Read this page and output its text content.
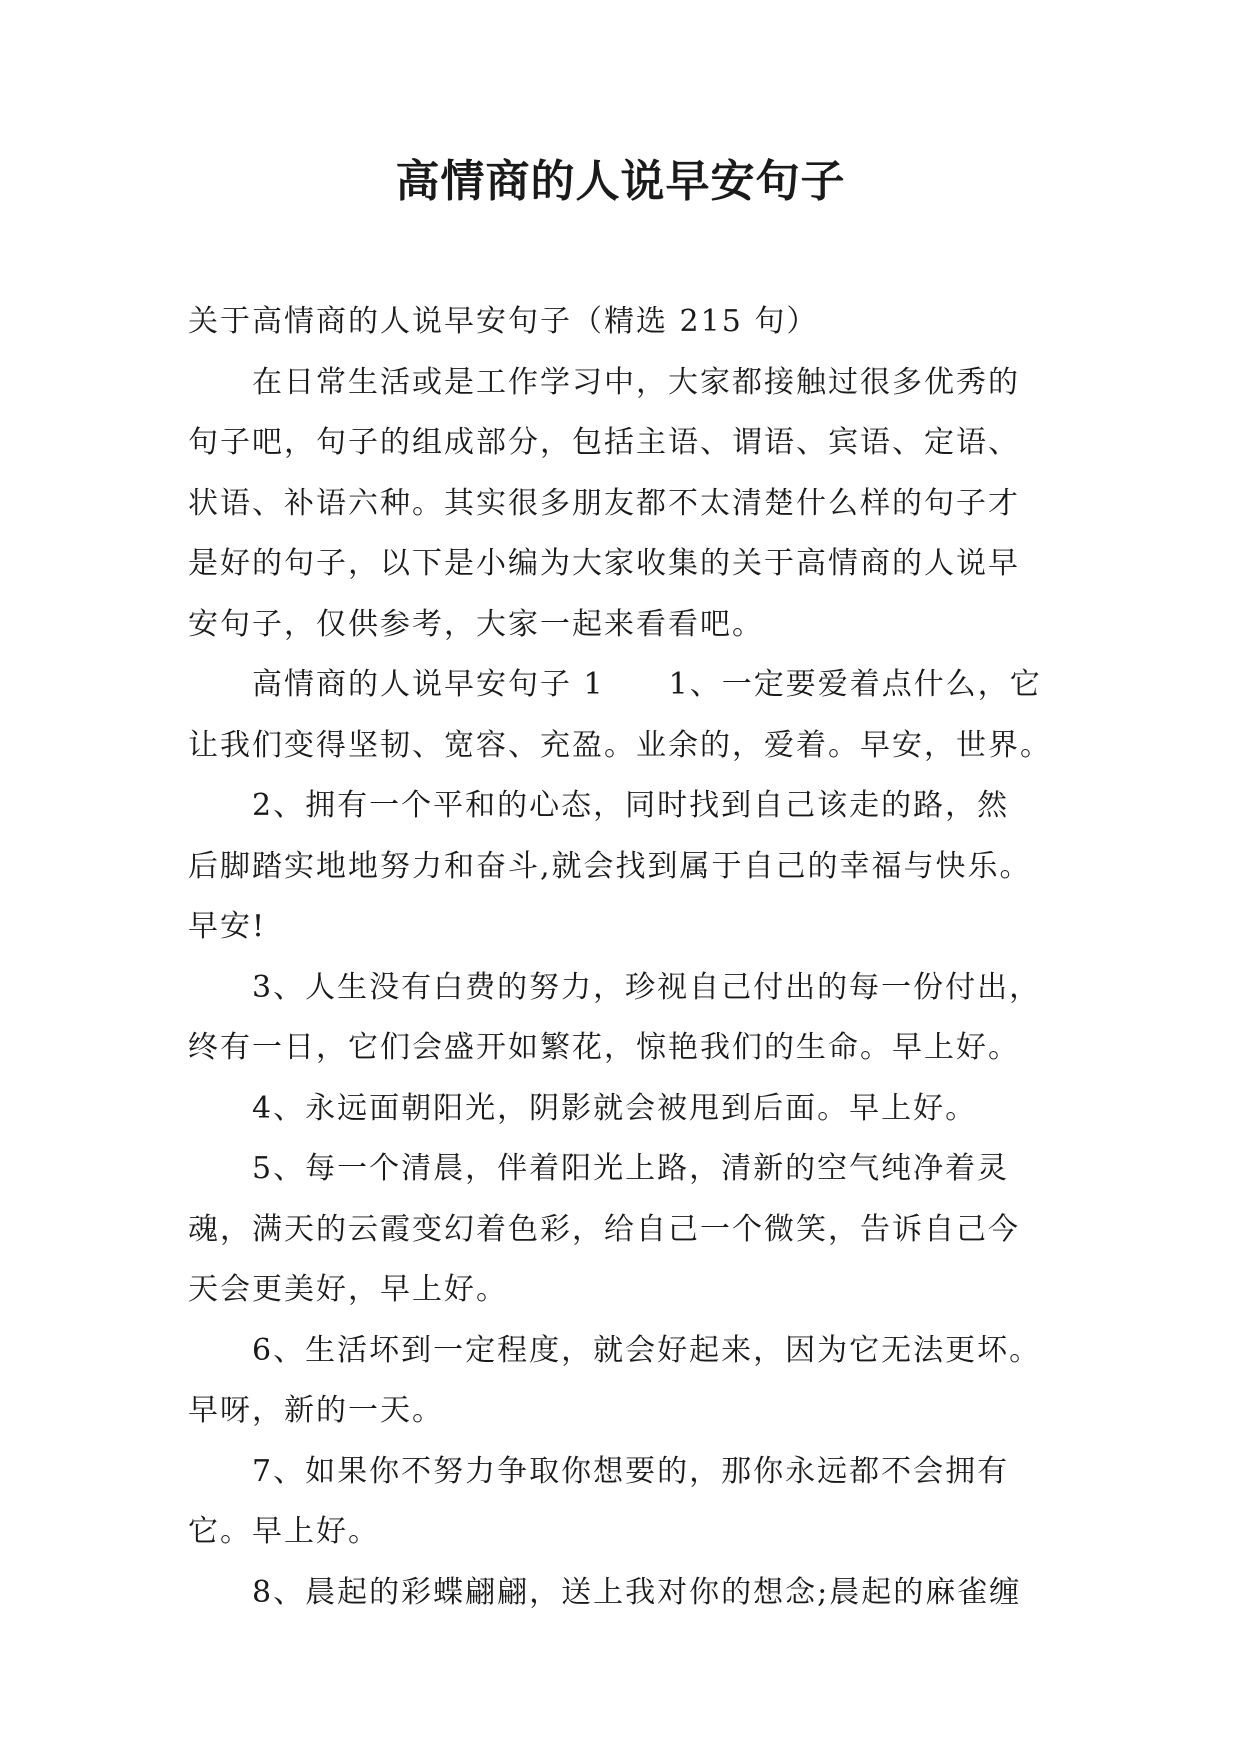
高情商的人说早安句子
关于高情商的人说早安句子（精选 215 句）
在日常生活或是工作学习中，大家都接触过很多优秀的
句子吧，句子的组成部分，包括主语、谓语、宾语、定语、
状语、补语六种。其实很多朋友都不太清楚什么样的句子才
是好的句子，以下是小编为大家收集的关于高情商的人说早
安句子，仅供参考，大家一起来看看吧。
高情商的人说早安句子 1 1、一定要爱着点什么，它
让我们变得坚韧、宽容、充盈。业余的，爱着。早安，世界。
2、拥有一个平和的心态，同时找到自己该走的路，然
后脚踏实地地努力和奋斗,就会找到属于自己的幸福与快乐。
早安!
3、人生没有白费的努力，珍视自己付出的每一份付出，
终有一日，它们会盛开如繁花，惊艳我们的生命。早上好。
4、永远面朝阳光，阴影就会被甩到后面。早上好。
5、每一个清晨，伴着阳光上路，清新的空气纯净着灵
魂，满天的云霞变幻着色彩，给自己一个微笑，告诉自己今
天会更美好，早上好。
6、生活坏到一定程度，就会好起来，因为它无法更坏。
早呀，新的一天。
7、如果你不努力争取你想要的，那你永远都不会拥有
它。早上好。
8、晨起的彩蝶翩翩，送上我对你的想念;晨起的麻雀缠
